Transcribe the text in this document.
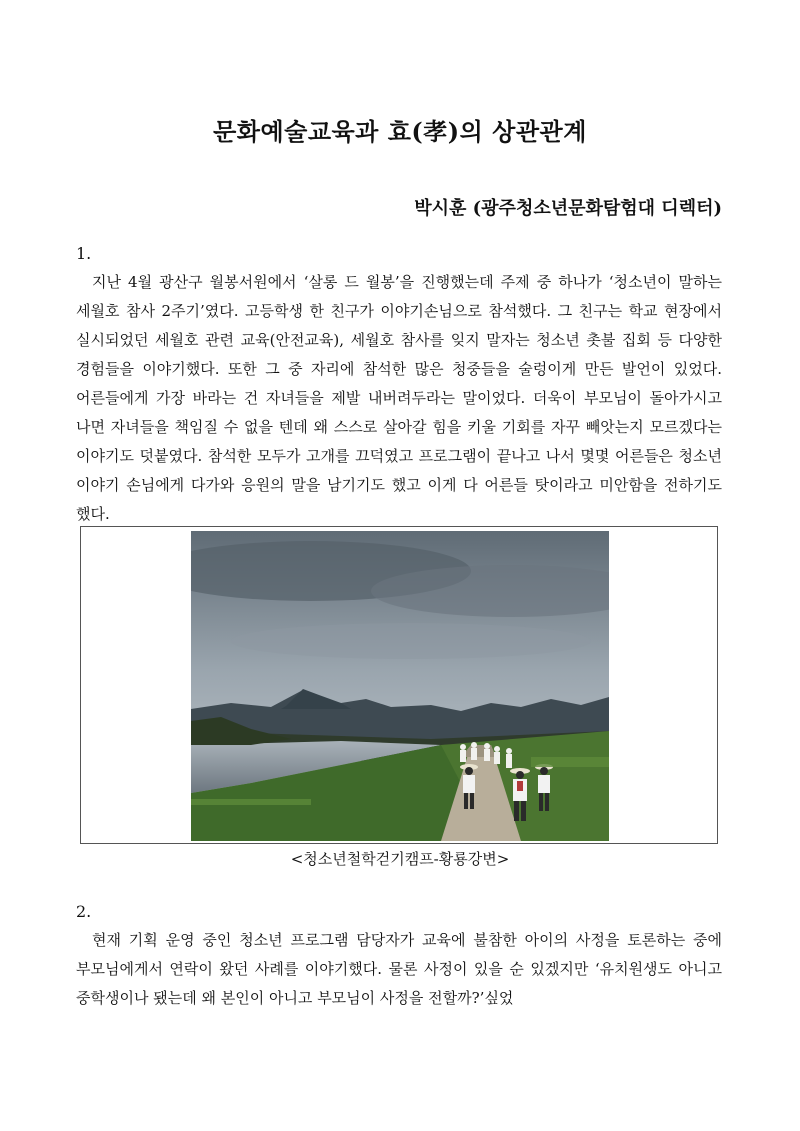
문화예술교육과 효(孝)의 상관관계
박시훈 (광주청소년문화탐험대 디렉터)
1.

지난 4월 광산구 월봉서원에서 ‘살롱 드 월봉’을 진행했는데 주제 중 하나가 ‘청소년이 말하는 세월호 참사 2주기’였다. 고등학생 한 친구가 이야기손님으로 참석했다. 그 친구는 학교 현장에서 실시되었던 세월호 관련 교육(안전교육), 세월호 참사를 잊지 말자는 청소년 촛불 집회 등 다양한 경험들을 이야기했다. 또한 그 중 자리에 참석한 많은 청중들을 술렁이게 만든 발언이 있었다. 어른들에게 가장 바라는 건 자녀들을 제발 내버려두라는 말이었다. 더욱이 부모님이 돌아가시고 나면 자녀들을 책임질 수 없을 텐데 왜 스스로 살아갈 힘을 키울 기회를 자꾸 빼앗는지 모르겠다는 이야기도 덧붙였다. 참석한 모두가 고개를 끄덕였고 프로그램이 끝나고 나서 몇몇 어른들은 청소년 이야기 손님에게 다가와 응원의 말을 남기기도 했고 이게 다 어른들 탓이라고 미안함을 전하기도 했다.

<청소년철학걷기캠프-황룡강변>
2.

현재 기획 운영 중인 청소년 프로그램 담당자가 교육에 불참한 아이의 사정을 토론하는 중에 부모님에게서 연락이 왔던 사례를 이야기했다. 물론 사정이 있을 순 있겠지만 ‘유치원생도 아니고 중학생이나 됐는데 왜 본인이 아니고 부모님이 사정을 전할까?’싶었
